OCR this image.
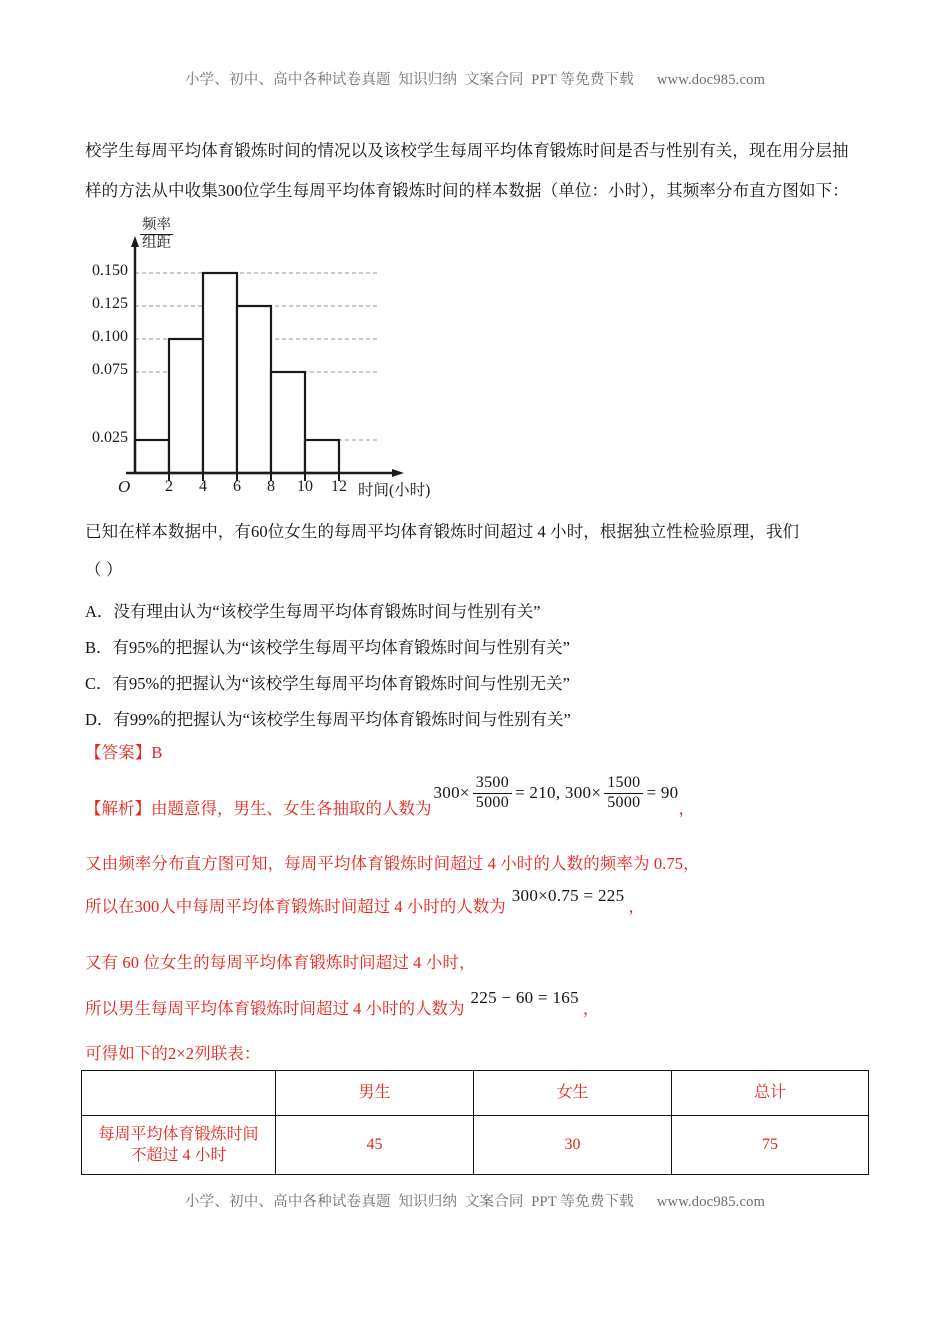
小学、初中、高中各种试卷真题  知识归纳  文案合同  PPT 等免费下载      www.doc985.com
校学生每周平均体育锻炼时间的情况以及该校学生每周平均体育锻炼时间是否与性别有关，现在用分层抽
样的方法从中收集300位学生每周平均体育锻炼时间的样本数据（单位：小时），其频率分布直方图如下：
0.150
0.125
0.100
0.075
0.025
频率
组距
O	2	4	6	8	10 12 时间(小时)
已知在样本数据中，有60位女生的每周平均体育锻炼时间超过 4 小时，根据独立性检验原理，我们
（ ）
A．没有理由认为“该校学生每周平均体育锻炼时间与性别有关”
B．有95%的把握认为“该校学生每周平均体育锻炼时间与性别有关”
C．有95%的把握认为“该校学生每周平均体育锻炼时间与性别无关”
D．有99%的把握认为“该校学生每周平均体育锻炼时间与性别有关”
【答案】B
【解析】 由题意得，男生、女生各抽取的人数为
$300\times \frac{3500}{5000} = 210$, $300\times \frac{1500}{5000} = 90$
，
又由频率分布直方图可知，每周平均体育锻炼时间超过 4 小时的人数的频率为 0.75，
所以在300人中每周平均体育锻炼时间超过 4 小时的人数为
300×0.75 = 225
，
又有 60 位女生的每周平均体育锻炼时间超过 4 小时，
所以男生每周平均体育锻炼时间超过 4 小时的人数为
225 − 60 = 165
，
可得如下的2×2列联表：
	男生	女生	总计

每周平均体育锻炼时间
不超过 4 小时	45	30	75
小学、初中、高中各种试卷真题  知识归纳  文案合同  PPT 等免费下载      www.doc985.com
